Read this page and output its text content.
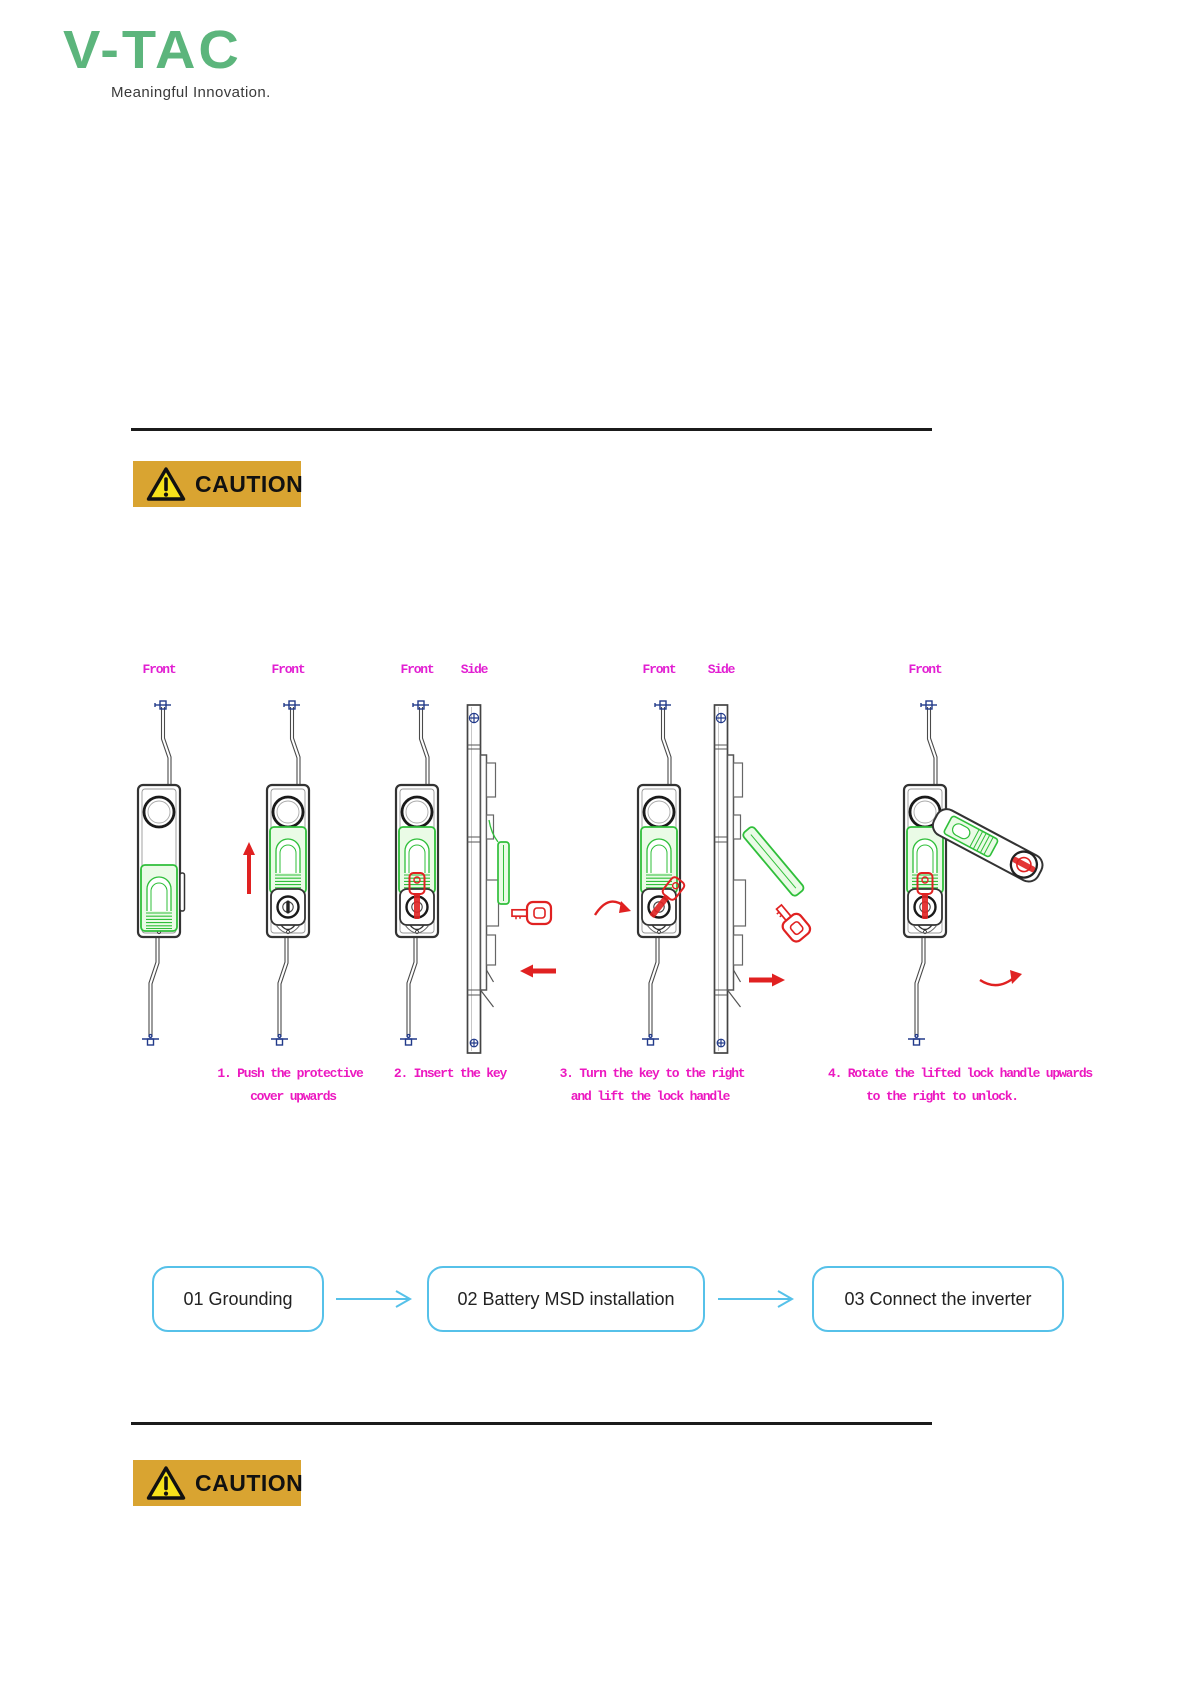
V-TAC
Meaningful Innovation.
CAUTION
CAUTION
Front	Front	Front Side	Front Side	Front
1. Push the protective
cover upwards
2. Insert the key	3. Turn the key to the right
and lift the lock handle
4. Rotate the lifted lock handle upwards
to the right to unlock.
01 Grounding	02 Battery MSD installation	03 Connect the inverter
